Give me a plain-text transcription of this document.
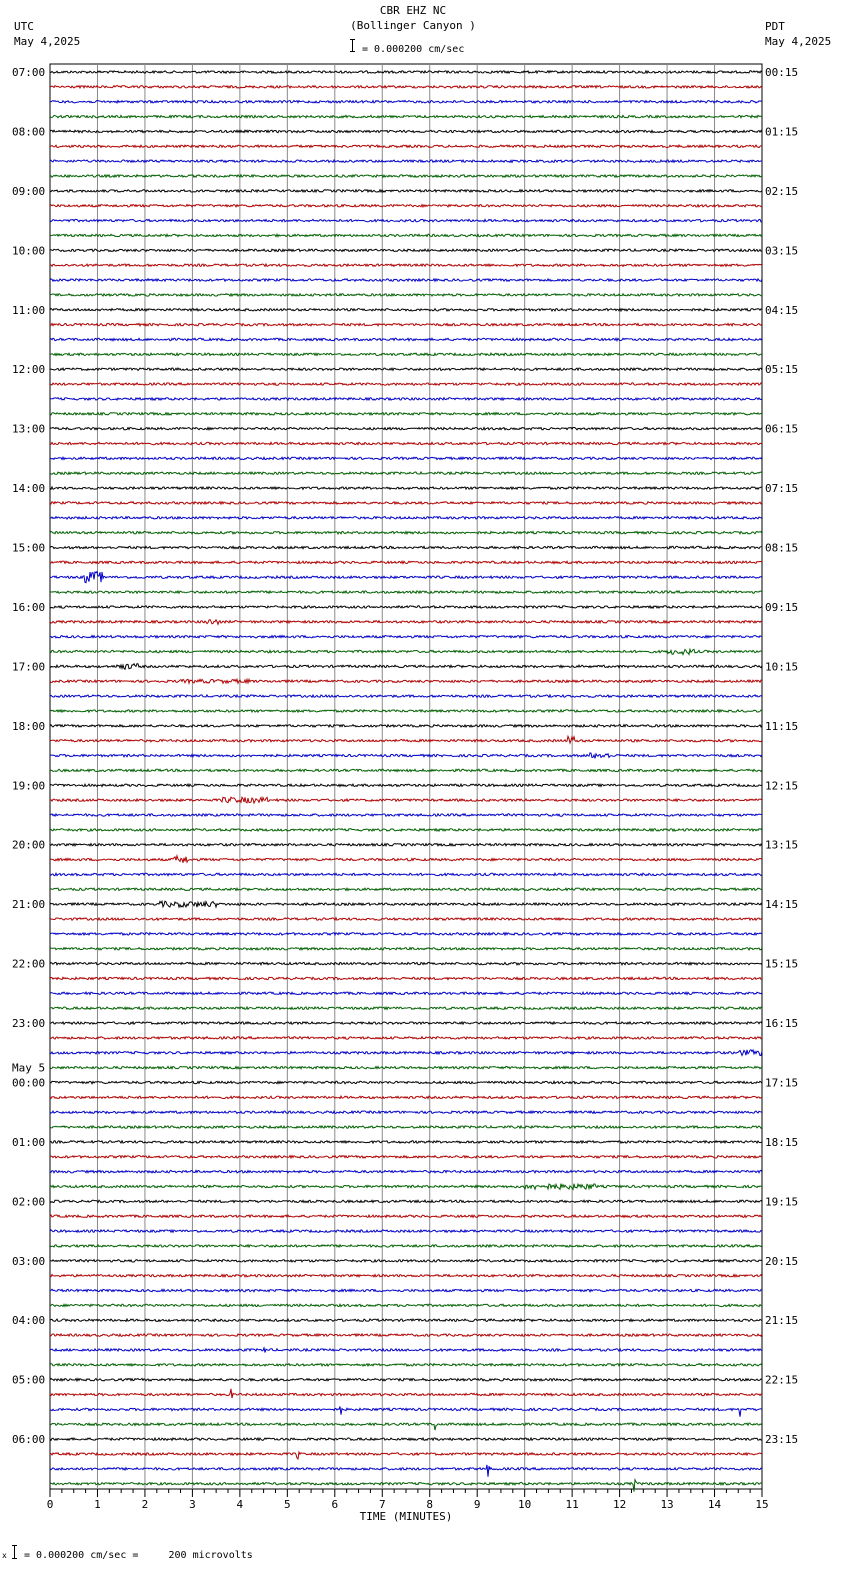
CBR EHZ NC
(Bollinger Canyon )
= 0.000200 cm/sec
UTC
May 4,2025
PDT
May 4,2025
07:00
08:00
09:00
10:00
11:00
12:00
13:00
14:00
15:00
16:00
17:00
18:00
19:00
20:00
21:00
22:00
23:00
00:00
May 5
01:00
02:00
03:00
04:00
05:00
06:00
00:15
01:15
02:15
03:15
04:15
05:15
06:15
07:15
08:15
09:15
10:15
11:15
12:15
13:15
14:15
15:15
16:15
17:15
18:15
19:15
20:15
21:15
22:15
23:15
0	1	2	3	4	5	6	7	8	9	10	11	12	13	14	15
TIME (MINUTES)
x = 0.000200 cm/sec =     200 microvolts
